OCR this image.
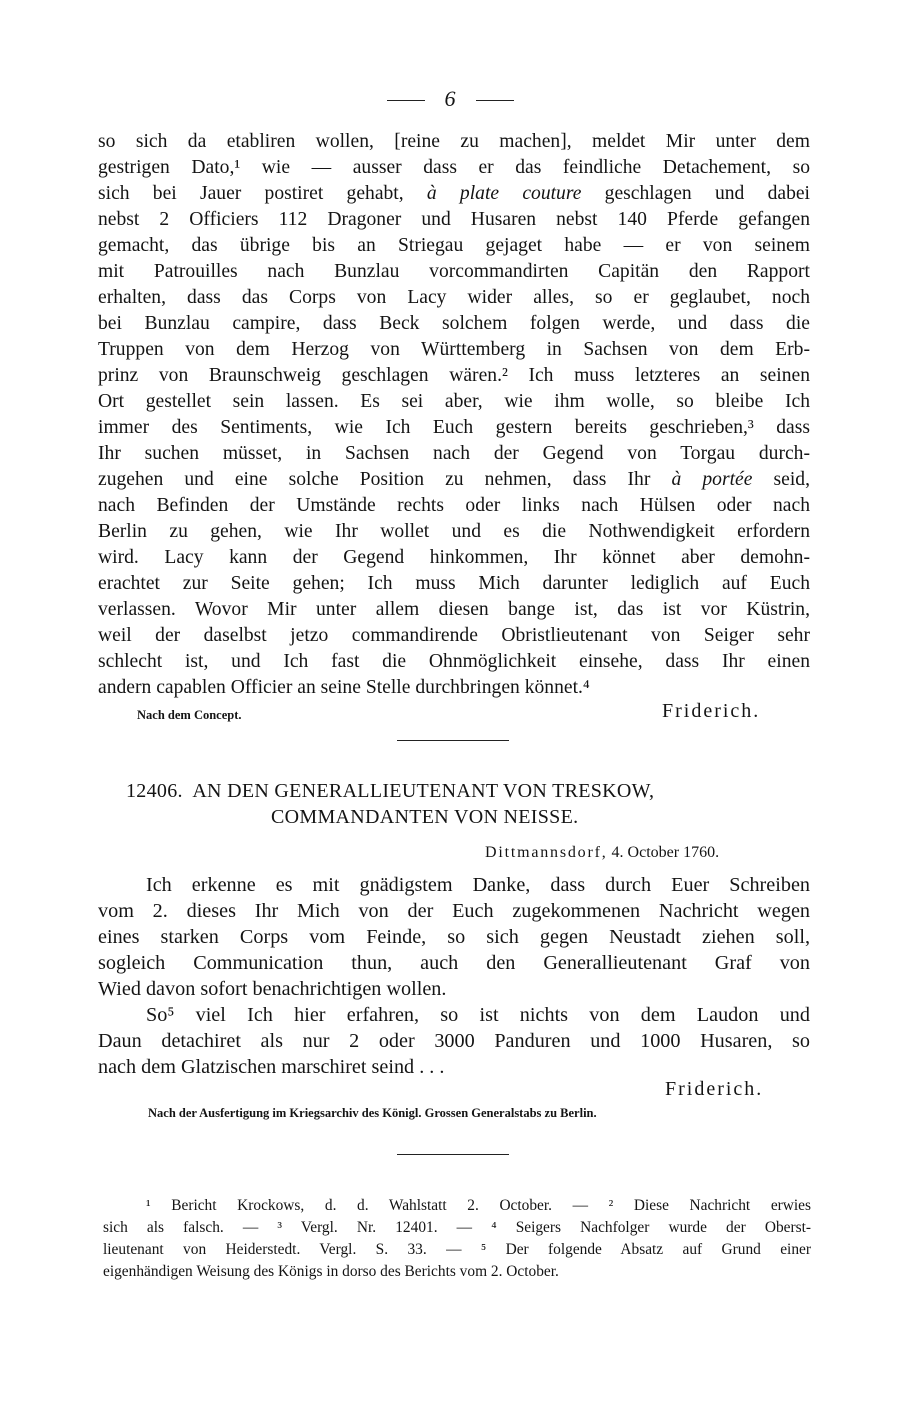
6
so sich da etabliren wollen, [reine zu machen], meldet Mir unter dem
gestrigen Dato,¹ wie — ausser dass er das feindliche Detachement, so
sich bei Jauer postiret gehabt, à plate couture geschlagen und dabei
nebst 2 Officiers 112 Dragoner und Husaren nebst 140 Pferde gefangen
gemacht, das übrige bis an Striegau gejaget habe — er von seinem
mit Patrouilles nach Bunzlau vorcommandirten Capitän den Rapport
erhalten, dass das Corps von Lacy wider alles, so er geglaubet, noch
bei Bunzlau campire, dass Beck solchem folgen werde, und dass die
Truppen von dem Herzog von Württemberg in Sachsen von dem Erb-
prinz von Braunschweig geschlagen wären.² Ich muss letzteres an seinen
Ort gestellet sein lassen. Es sei aber, wie ihm wolle, so bleibe Ich
immer des Sentiments, wie Ich Euch gestern bereits geschrieben,³ dass
Ihr suchen müsset, in Sachsen nach der Gegend von Torgau durch-
zugehen und eine solche Position zu nehmen, dass Ihr à portée seid,
nach Befinden der Umstände rechts oder links nach Hülsen oder nach
Berlin zu gehen, wie Ihr wollet und es die Nothwendigkeit erfordern
wird. Lacy kann der Gegend hinkommen, Ihr könnet aber demohn-
erachtet zur Seite gehen; Ich muss Mich darunter lediglich auf Euch
verlassen. Wovor Mir unter allem diesen bange ist, das ist vor Küstrin,
weil der daselbst jetzo commandirende Obristlieutenant von Seiger sehr
schlecht ist, und Ich fast die Ohnmöglichkeit einsehe, dass Ihr einen
andern capablen Officier an seine Stelle durchbringen könnet.⁴
Nach dem Concept.	Friderich.
12406. AN DEN GENERALLIEUTENANT VON TRESKOW,
COMMANDANTEN VON NEISSE.
Dittmannsdorf, 4. October 1760.
Ich erkenne es mit gnädigstem Danke, dass durch Euer Schreiben
vom 2. dieses Ihr Mich von der Euch zugekommenen Nachricht wegen
eines starken Corps vom Feinde, so sich gegen Neustadt ziehen soll,
sogleich Communication thun, auch den Generallieutenant Graf von
Wied davon sofort benachrichtigen wollen.
So⁵ viel Ich hier erfahren, so ist nichts von dem Laudon und
Daun detachiret als nur 2 oder 3000 Panduren und 1000 Husaren, so
nach dem Glatzischen marschiret seind . . .
Friderich.
Nach der Ausfertigung im Kriegsarchiv des Königl. Grossen Generalstabs zu Berlin.
¹ Bericht Krockows, d. d. Wahlstatt 2. October. — ² Diese Nachricht erwies
sich als falsch. — ³ Vergl. Nr. 12401. — ⁴ Seigers Nachfolger wurde der Oberst-
lieutenant von Heiderstedt. Vergl. S. 33. — ⁵ Der folgende Absatz auf Grund einer
eigenhändigen Weisung des Königs in dorso des Berichts vom 2. October.
